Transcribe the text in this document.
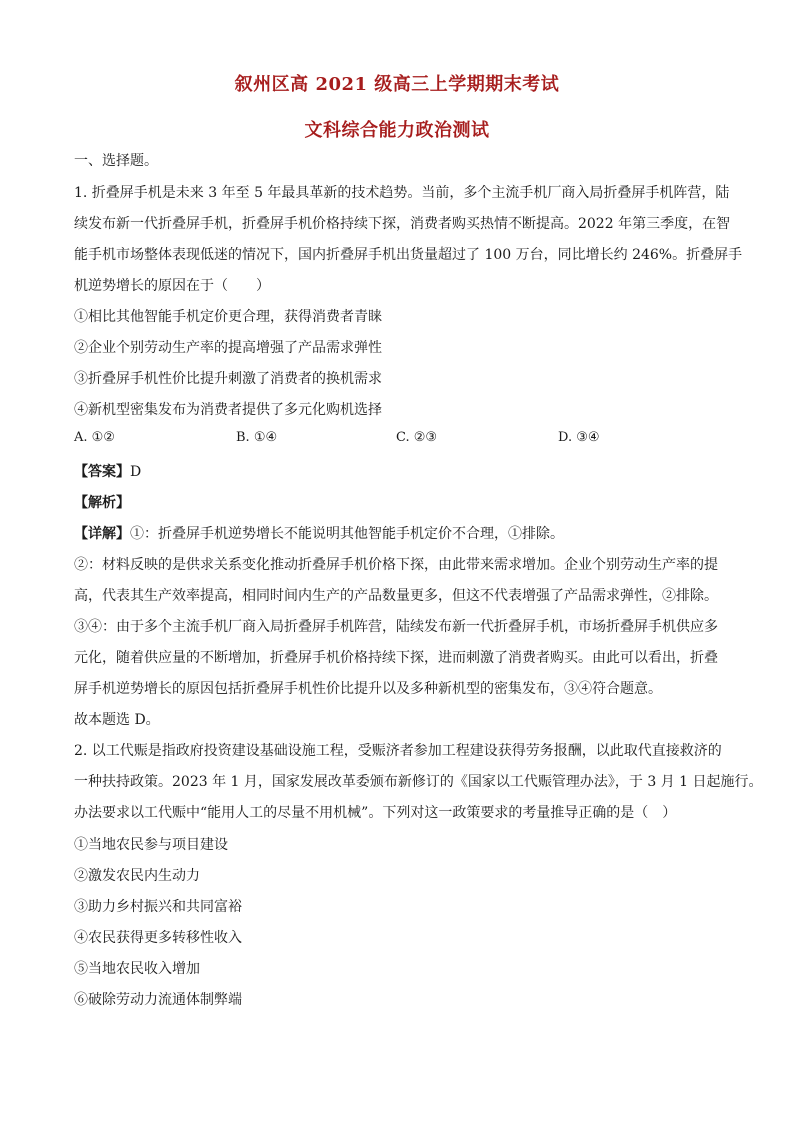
叙州区高 2021 级高三上学期期末考试
文科综合能力政治测试
一、选择题。
1. 折叠屏手机是未来 3 年至 5 年最具革新的技术趋势。当前，多个主流手机厂商入局折叠屏手机阵营，陆
续发布新一代折叠屏手机，折叠屏手机价格持续下探，消费者购买热情不断提高。2022 年第三季度，在智
能手机市场整体表现低迷的情况下，国内折叠屏手机出货量超过了 100 万台，同比增长约 246%。折叠屏手
机逆势增长的原因在于（　　）
①相比其他智能手机定价更合理，获得消费者青睐
②企业个别劳动生产率的提高增强了产品需求弹性
③折叠屏手机性价比提升刺激了消费者的换机需求
④新机型密集发布为消费者提供了多元化购机选择
A. ①②	B. ①④	C. ②③	D. ③④
【答案】D
【解析】
【详解】①：折叠屏手机逆势增长不能说明其他智能手机定价不合理，①排除。
②：材料反映的是供求关系变化推动折叠屏手机价格下探，由此带来需求增加。企业个别劳动生产率的提
高，代表其生产效率提高，相同时间内生产的产品数量更多，但这不代表增强了产品需求弹性，②排除。
③④：由于多个主流手机厂商入局折叠屏手机阵营，陆续发布新一代折叠屏手机，市场折叠屏手机供应多
元化，随着供应量的不断增加，折叠屏手机价格持续下探，进而刺激了消费者购买。由此可以看出，折叠
屏手机逆势增长的原因包括折叠屏手机性价比提升以及多种新机型的密集发布，③④符合题意。
故本题选 D。
2. 以工代赈是指政府投资建设基础设施工程，受赈济者参加工程建设获得劳务报酬，以此取代直接救济的
一种扶持政策。2023 年 1 月，国家发展改革委颁布新修订的《国家以工代赈管理办法》，于 3 月 1 日起施行。
办法要求以工代赈中“能用人工的尽量不用机械”。下列对这一政策要求的考量推导正确的是（　）
①当地农民参与项目建设
②激发农民内生动力
③助力乡村振兴和共同富裕
④农民获得更多转移性收入
⑤当地农民收入增加
⑥破除劳动力流通体制弊端
